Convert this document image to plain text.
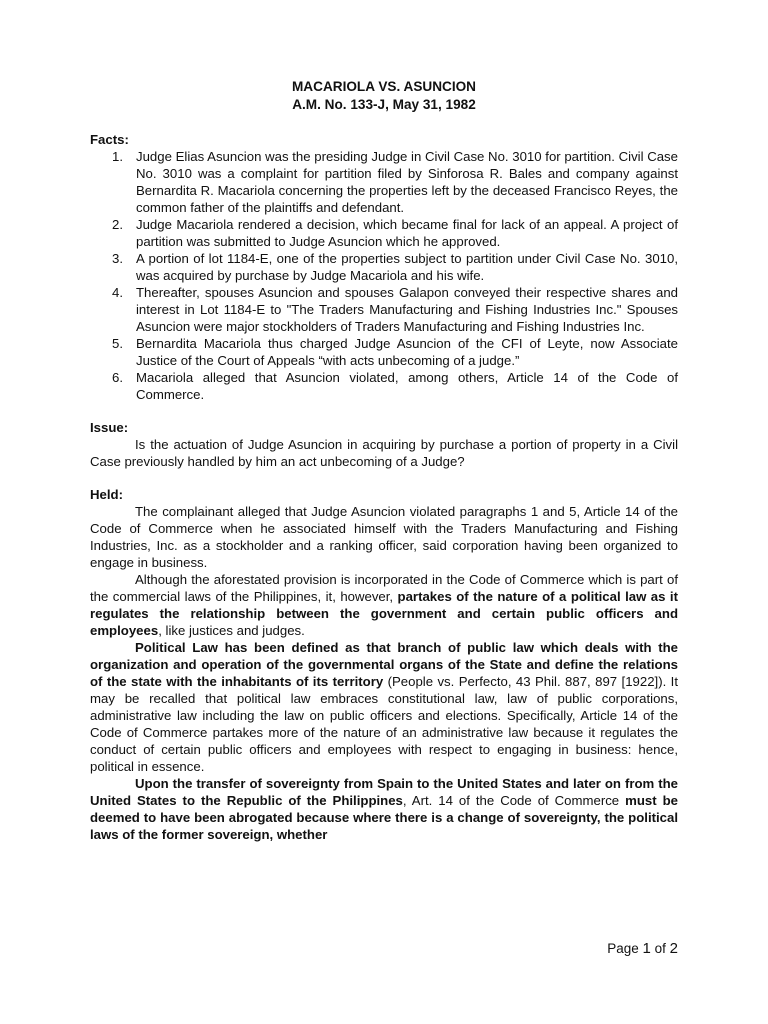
MACARIOLA VS. ASUNCION
A.M. No. 133-J, May 31, 1982
Facts:
1. Judge Elias Asuncion was the presiding Judge in Civil Case No. 3010 for partition. Civil Case No. 3010 was a complaint for partition filed by Sinforosa R. Bales and company against Bernardita R. Macariola concerning the properties left by the deceased Francisco Reyes, the common father of the plaintiffs and defendant.
2. Judge Macariola rendered a decision, which became final for lack of an appeal. A project of partition was submitted to Judge Asuncion which he approved.
3. A portion of lot 1184-E, one of the properties subject to partition under Civil Case No. 3010, was acquired by purchase by Judge Macariola and his wife.
4. Thereafter, spouses Asuncion and spouses Galapon conveyed their respective shares and interest in Lot 1184-E to "The Traders Manufacturing and Fishing Industries Inc." Spouses Asuncion were major stockholders of Traders Manufacturing and Fishing Industries Inc.
5. Bernardita Macariola thus charged Judge Asuncion of the CFI of Leyte, now Associate Justice of the Court of Appeals “with acts unbecoming of a judge.”
6. Macariola alleged that Asuncion violated, among others, Article 14 of the Code of Commerce.
Issue:

Is the actuation of Judge Asuncion in acquiring by purchase a portion of property in a Civil Case previously handled by him an act unbecoming of a Judge?

Held:

The complainant alleged that Judge Asuncion violated paragraphs 1 and 5, Article 14 of the Code of Commerce when he associated himself with the Traders Manufacturing and Fishing Industries, Inc. as a stockholder and a ranking officer, said corporation having been organized to engage in business.

Although the aforestated provision is incorporated in the Code of Commerce which is part of the commercial laws of the Philippines, it, however, partakes of the nature of a political law as it regulates the relationship between the government and certain public officers and employees, like justices and judges.

Political Law has been defined as that branch of public law which deals with the organization and operation of the governmental organs of the State and define the relations of the state with the inhabitants of its territory (People vs. Perfecto, 43 Phil. 887, 897 [1922]). It may be recalled that political law embraces constitutional law, law of public corporations, administrative law including the law on public officers and elections. Specifically, Article 14 of the Code of Commerce partakes more of the nature of an administrative law because it regulates the conduct of certain public officers and employees with respect to engaging in business: hence, political in essence.

Upon the transfer of sovereignty from Spain to the United States and later on from the United States to the Republic of the Philippines, Art. 14 of the Code of Commerce must be deemed to have been abrogated because where there is a change of sovereignty, the political laws of the former sovereign, whether

Page 1 of 2
